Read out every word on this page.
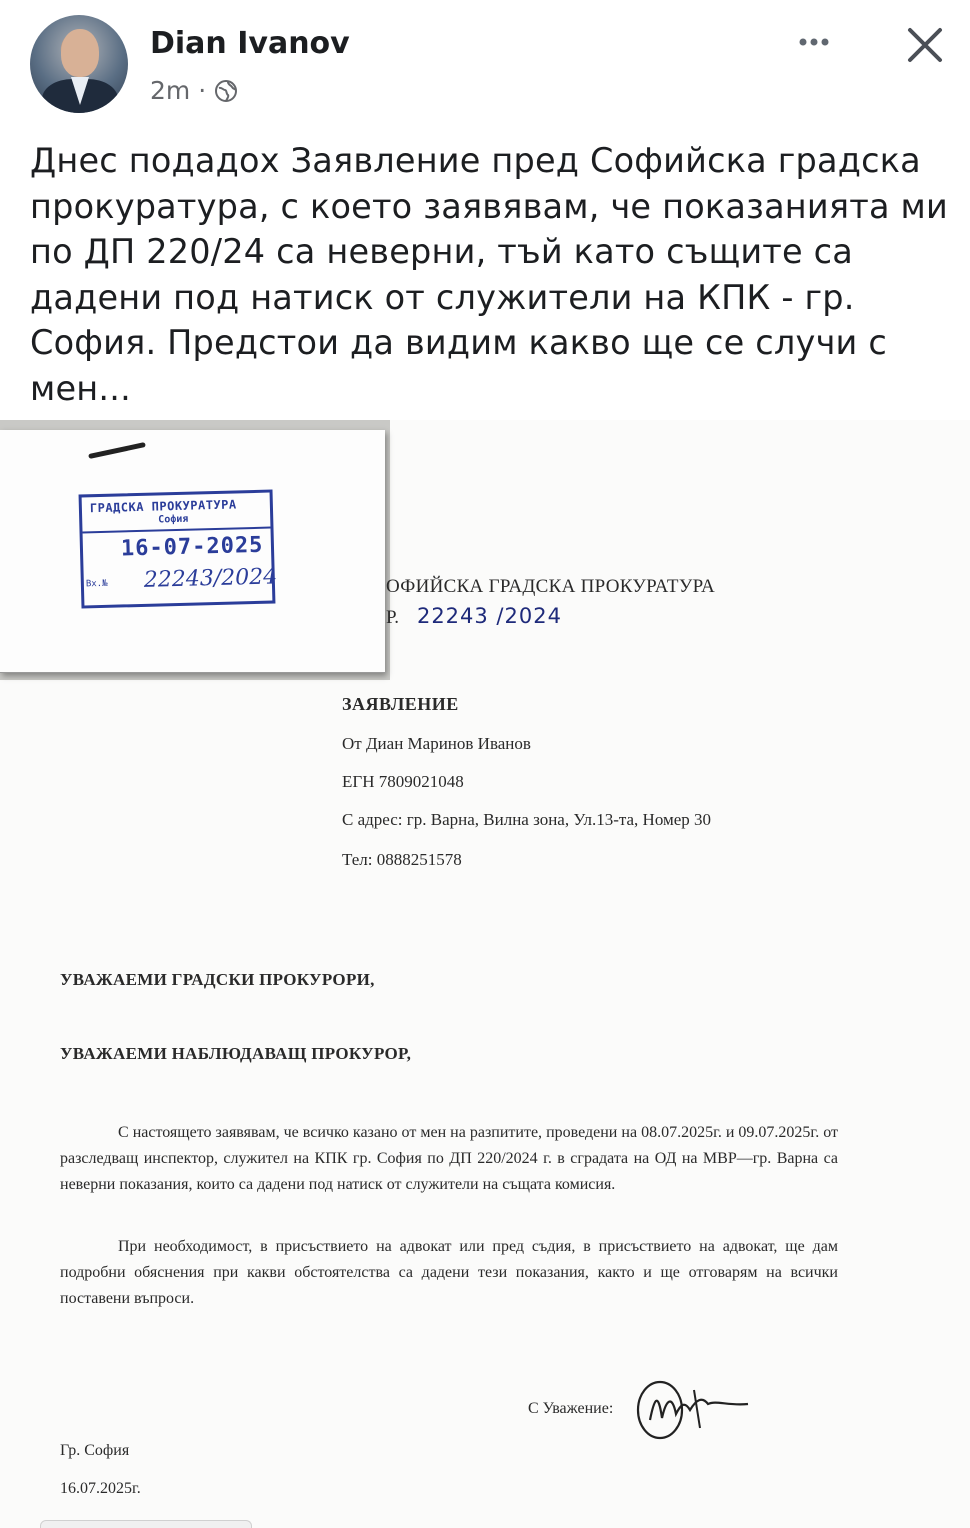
Dian Ivanov
2m ·

Днес подадох Заявление пред Софийска градска прокуратура, с което заявявам, че показанията ми по ДП 220/24 са неверни, тъй като същите са дадени под натиск от служители на КПК - гр. София. Предстои да видим какво ще се случи с мен...

ГРАДСКА ПРОКУРАТУРА
София
16-07-2025
Вх.№ 22243/2024	ОФИЙСКА ГРАДСКА ПРОКУРАТУРА
Р. 22243 /2024
ЗАЯВЛЕНИЕ
От Диан Маринов Иванов
ЕГН 7809021048
С адрес: гр. Варна, Вилна зона, Ул.13-та, Номер 30
Тел: 0888251578
УВАЖАЕМИ ГРАДСКИ ПРОКУРОРИ,
УВАЖАЕМИ НАБЛЮДАВАЩ ПРОКУРОР,

С настоящето заявявам, че всичко казано от мен на разпитите, проведени на 08.07.2025г. и 09.07.2025г. от разследващ инспектор, служител на КПК гр. София по ДП 220/2024 г. в сградата на ОД на МВР—гр. Варна са неверни показания, които са дадени под натиск от служители на същата комисия.

При необходимост, в присъствието на адвокат или пред съдия, в присъствието на адвокат, ще дам подробни обяснения при какви обстоятелства са дадени тези показания, както и ще отговарям на всички поставени въпроси.

С Уважение:
Гр. София
16.07.2025г.
